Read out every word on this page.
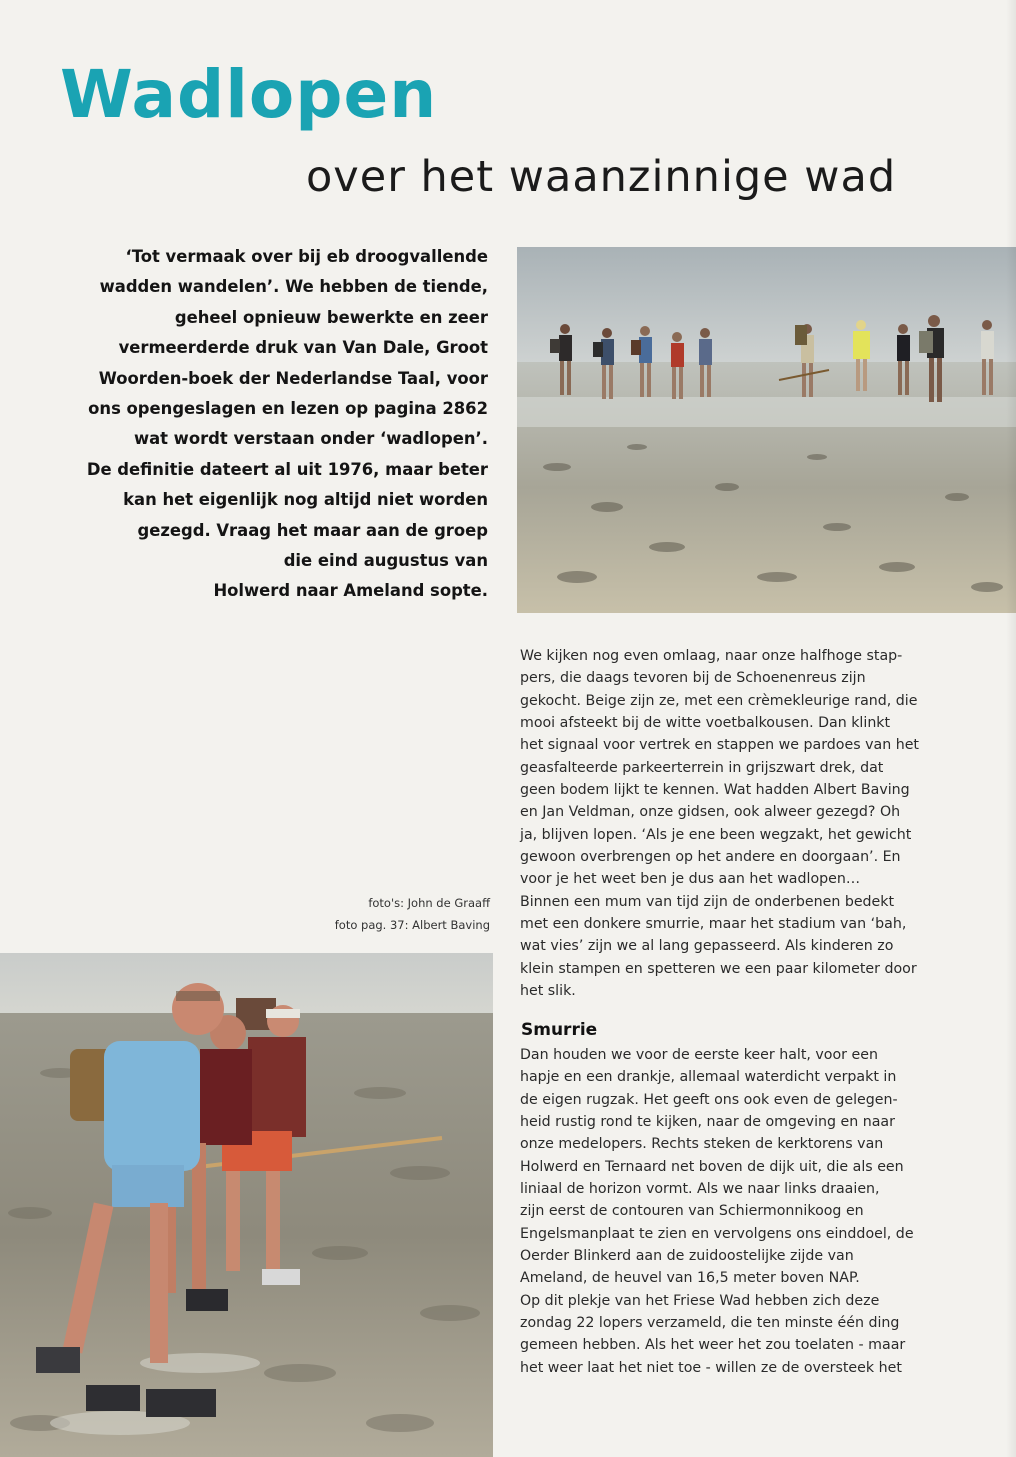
Wadlopen
over het waanzinnige wad
‘Tot vermaak over bij eb droogvallende
wadden wandelen’. We hebben de tiende,
geheel opnieuw bewerkte en zeer
vermeerderde druk van Van Dale, Groot
Woorden-boek der Nederlandse Taal, voor
ons opengeslagen en lezen op pagina 2862
wat wordt verstaan onder ‘wadlopen’.
De definitie dateert al uit 1976, maar beter
kan het eigenlijk nog altijd niet worden
gezegd. Vraag het maar aan de groep
die eind augustus van
Holwerd naar Ameland sopte.
foto's: John de Graaff
foto pag. 37: Albert Baving
We kijken nog even omlaag, naar onze halfhoge stap-
pers, die daags tevoren bij de Schoenenreus zijn
gekocht. Beige zijn ze, met een crèmekleurige rand, die
mooi afsteekt bij de witte voetbalkousen. Dan klinkt
het signaal voor vertrek en stappen we pardoes van het
geasfalteerde parkeerterrein in grijszwart drek, dat
geen bodem lijkt te kennen. Wat hadden Albert Baving
en Jan Veldman, onze gidsen, ook alweer gezegd? Oh
ja, blijven lopen. ‘Als je ene been wegzakt, het gewicht
gewoon overbrengen op het andere en doorgaan’. En
voor je het weet ben je dus aan het wadlopen…
Binnen een mum van tijd zijn de onderbenen bedekt
met een donkere smurrie, maar het stadium van ‘bah,
wat vies’ zijn we al lang gepasseerd. Als kinderen zo
klein stampen en spetteren we een paar kilometer door
het slik.
Smurrie
Dan houden we voor de eerste keer halt, voor een
hapje en een drankje, allemaal waterdicht verpakt in
de eigen rugzak. Het geeft ons ook even de gelegen-
heid rustig rond te kijken, naar de omgeving en naar
onze medelopers. Rechts steken de kerktorens van
Holwerd en Ternaard net boven de dijk uit, die als een
liniaal de horizon vormt. Als we naar links draaien,
zijn eerst de contouren van Schiermonnikoog en
Engelsmanplaat te zien en vervolgens ons einddoel, de
Oerder Blinkerd aan de zuidoostelijke zijde van
Ameland, de heuvel van 16,5 meter boven NAP.
Op dit plekje van het Friese Wad hebben zich deze
zondag 22 lopers verzameld, die ten minste één ding
gemeen hebben. Als het weer het zou toelaten - maar
het weer laat het niet toe - willen ze de oversteek het
